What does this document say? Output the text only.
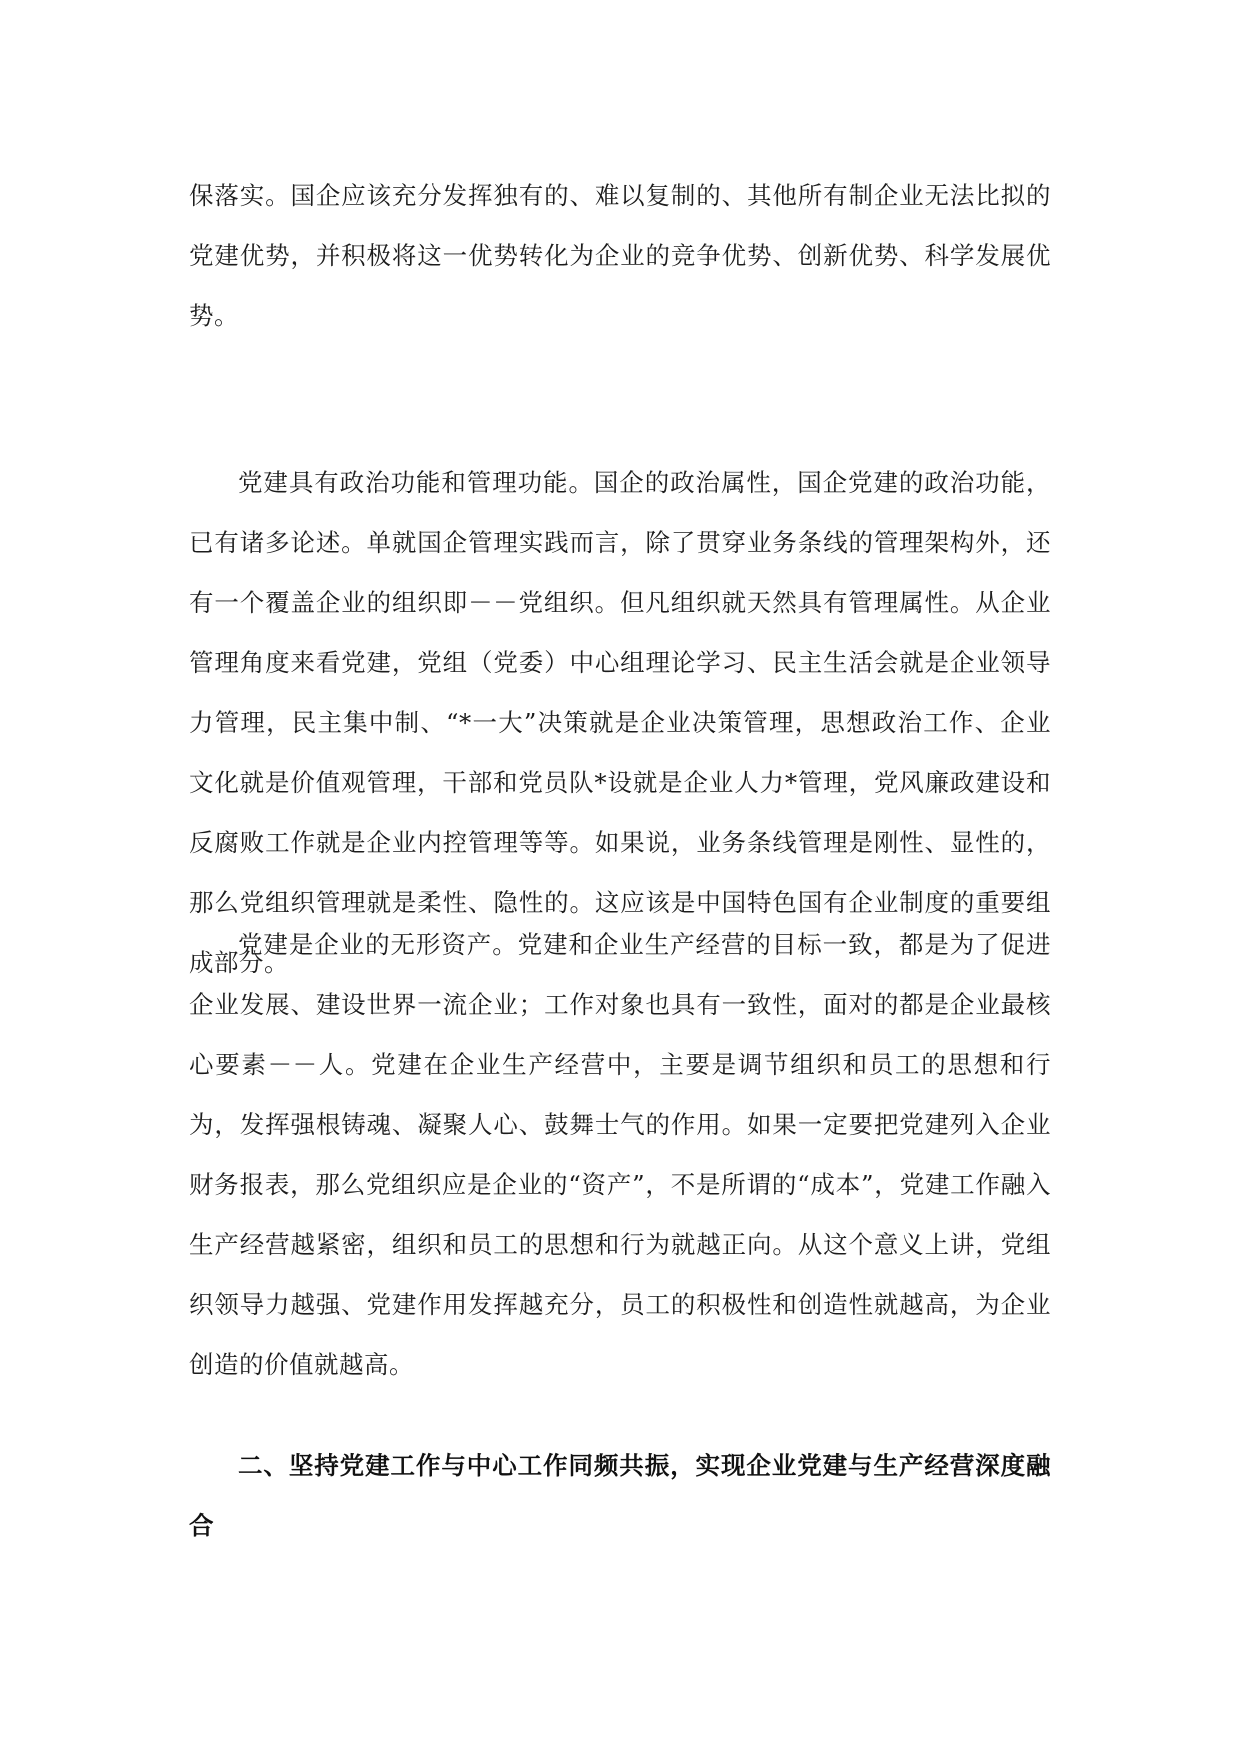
保落实。国企应该充分发挥独有的、难以复制的、其他所有制企业无法比拟的党建优势，并积极将这一优势转化为企业的竞争优势、创新优势、科学发展优势。

党建具有政治功能和管理功能。国企的政治属性，国企党建的政治功能，已有诸多论述。单就国企管理实践而言，除了贯穿业务条线的管理架构外，还有一个覆盖企业的组织即－－党组织。但凡组织就天然具有管理属性。从企业管理角度来看党建，党组（党委）中心组理论学习、民主生活会就是企业领导力管理，民主集中制、“*一大”决策就是企业决策管理，思想政治工作、企业文化就是价值观管理，干部和党员队*设就是企业人力*管理，党风廉政建设和反腐败工作就是企业内控管理等等。如果说，业务条线管理是刚性、显性的，那么党组织管理就是柔性、隐性的。这应该是中国特色国有企业制度的重要组成部分。

党建是企业的无形资产。党建和企业生产经营的目标一致，都是为了促进企业发展、建设世界一流企业；工作对象也具有一致性，面对的都是企业最核心要素－－人。党建在企业生产经营中，主要是调节组织和员工的思想和行为，发挥强根铸魂、凝聚人心、鼓舞士气的作用。如果一定要把党建列入企业财务报表，那么党组织应是企业的“资产”，不是所谓的“成本”，党建工作融入生产经营越紧密，组织和员工的思想和行为就越正向。从这个意义上讲，党组织领导力越强、党建作用发挥越充分，员工的积极性和创造性就越高，为企业创造的价值就越高。

二、坚持党建工作与中心工作同频共振，实现企业党建与生产经营深度融合
